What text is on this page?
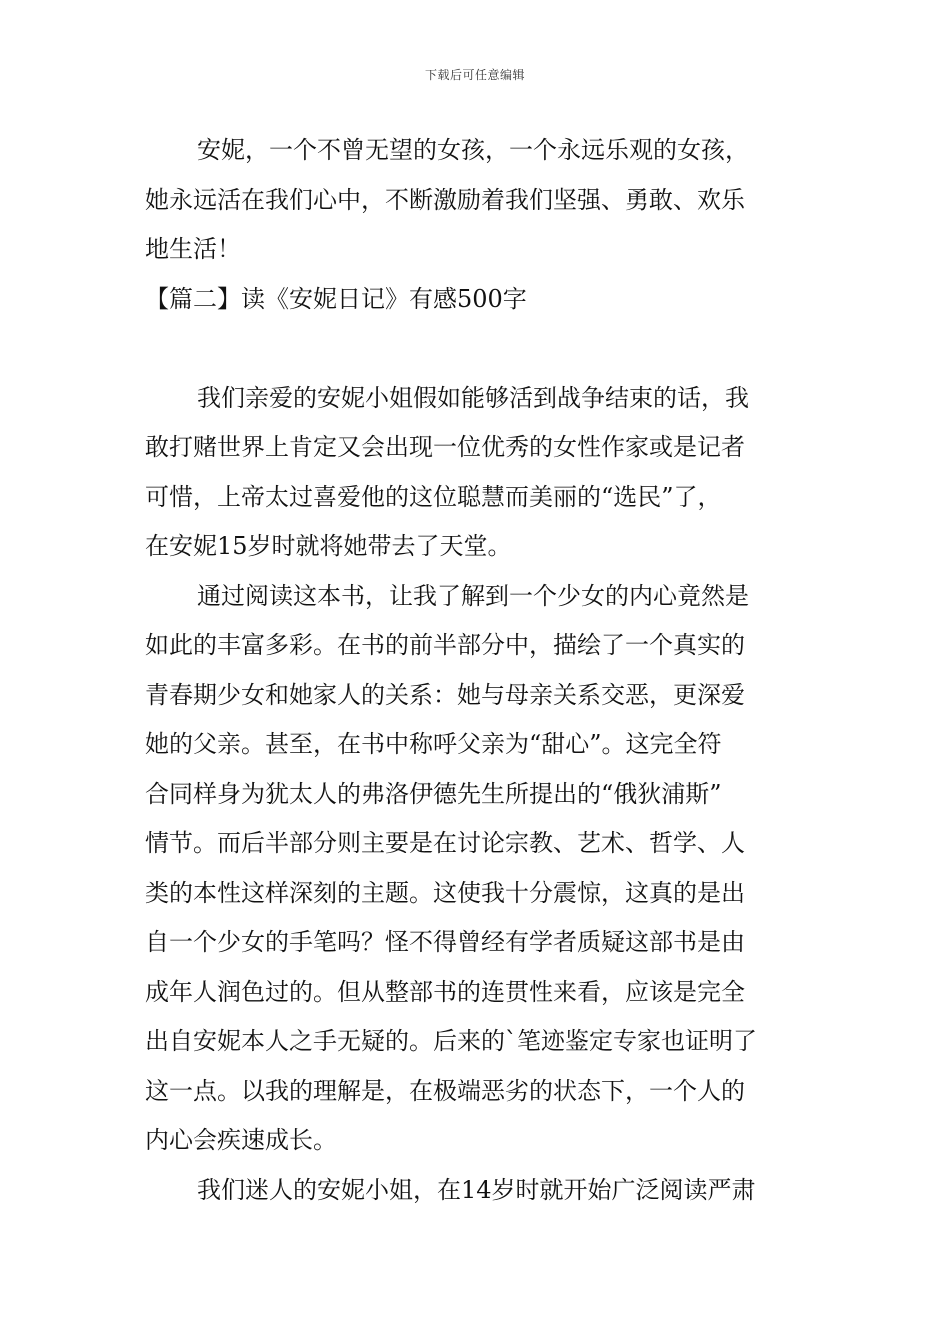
下载后可任意编辑
安妮，一个不曾无望的女孩，一个永远乐观的女孩，
她永远活在我们心中，不断激励着我们坚强、勇敢、欢乐
地生活！
【篇二】读《安妮日记》有感500字
我们亲爱的安妮小姐假如能够活到战争结束的话，我
敢打赌世界上肯定又会出现一位优秀的女性作家或是记者
可惜，上帝太过喜爱他的这位聪慧而美丽的“选民”了，
在安妮15岁时就将她带去了天堂。
通过阅读这本书，让我了解到一个少女的内心竟然是
如此的丰富多彩。在书的前半部分中，描绘了一个真实的
青春期少女和她家人的关系：她与母亲关系交恶，更深爱
她的父亲。甚至，在书中称呼父亲为“甜心”。这完全符
合同样身为犹太人的弗洛伊德先生所提出的“俄狄浦斯”
情节。而后半部分则主要是在讨论宗教、艺术、哲学、人
类的本性这样深刻的主题。这使我十分震惊，这真的是出
自一个少女的手笔吗？怪不得曾经有学者质疑这部书是由
成年人润色过的。但从整部书的连贯性来看，应该是完全
出自安妮本人之手无疑的。后来的`笔迹鉴定专家也证明了
这一点。以我的理解是，在极端恶劣的状态下，一个人的
内心会疾速成长。
我们迷人的安妮小姐，在14岁时就开始广泛阅读严肃
